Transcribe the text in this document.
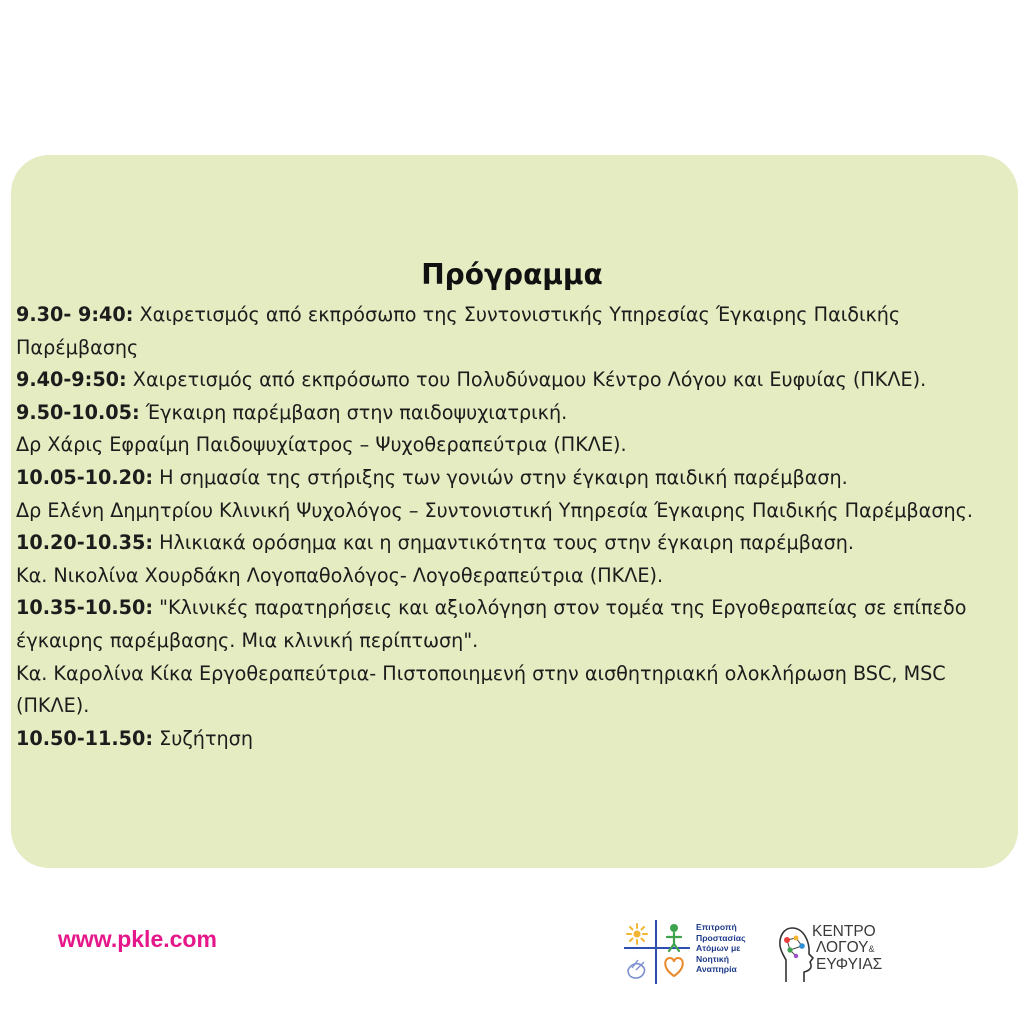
Πρόγραμμα
9.30- 9:40: Χαιρετισμός από εκπρόσωπο της Συντονιστικής Υπηρεσίας Έγκαιρης Παιδικής Παρέμβασης
9.40-9:50: Χαιρετισμός από εκπρόσωπο του Πολυδύναμου Κέντρο Λόγου και Ευφυίας (ΠΚΛΕ).
9.50-10.05: Έγκαιρη παρέμβαση στην παιδοψυχιατρική.
Δρ Χάρις Εφραίμη Παιδοψυχίατρος – Ψυχοθεραπεύτρια (ΠΚΛΕ).
10.05-10.20: Η σημασία της στήριξης των γονιών στην έγκαιρη παιδική παρέμβαση.
Δρ Ελένη Δημητρίου Κλινική Ψυχολόγος – Συντονιστική Υπηρεσία Έγκαιρης Παιδικής Παρέμβασης.
10.20-10.35: Ηλικιακά ορόσημα και η σημαντικότητα τους στην έγκαιρη παρέμβαση.
Κα. Νικολίνα Χουρδάκη Λογοπαθολόγος- Λογοθεραπεύτρια (ΠΚΛΕ).
10.35-10.50: "Κλινικές παρατηρήσεις και αξιολόγηση στον τομέα της Εργοθεραπείας σε επίπεδο έγκαιρης παρέμβασης. Μια κλινική περίπτωση".
Κα. Καρολίνα Κίκα Εργοθεραπεύτρια- Πιστοποιημενή στην αισθητηριακή ολοκλήρωση BSC, MSC (ΠΚΛΕ).
10.50-11.50: Συζήτηση
www.pkle.com	Επιτροπή
Προστασίας
Ατόμων με
Νοητική
Αναπηρία
ΚΕΝΤΡΟ
ΛΟΓΟΥ&
ΕΥΦΥΙΑΣ
